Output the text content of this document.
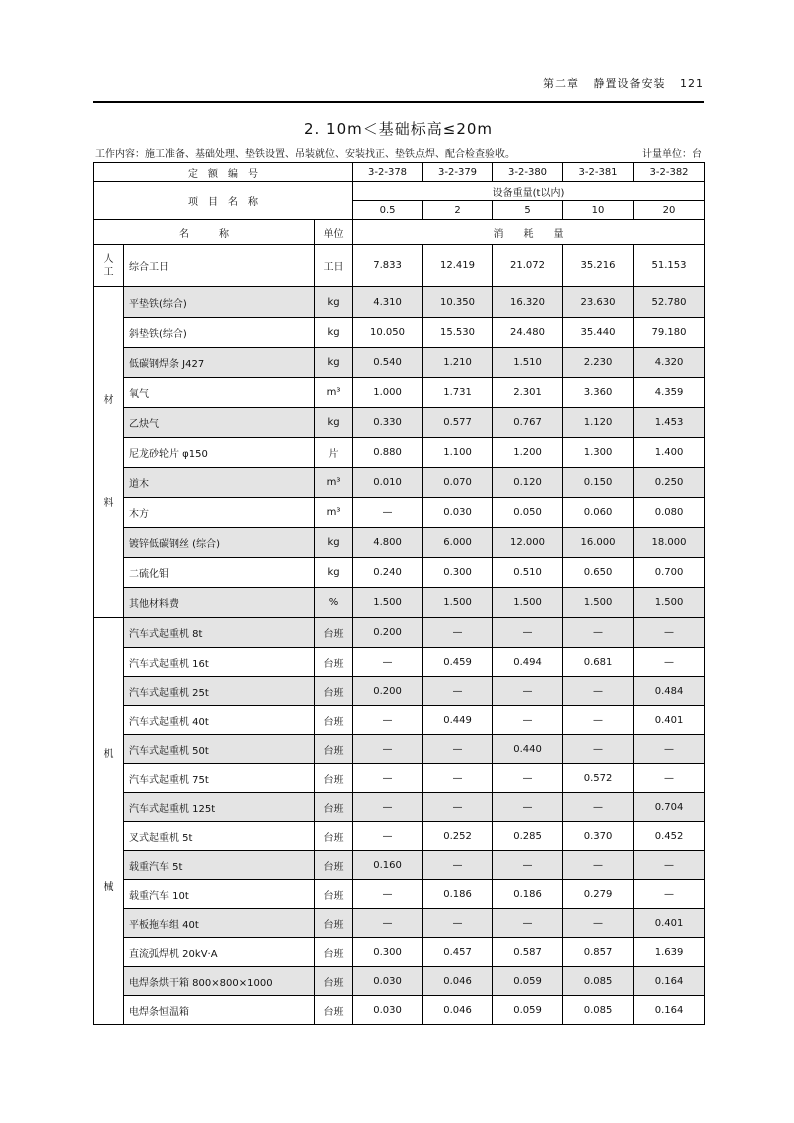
第二章 静置设备安装 121
2. 10m＜基础标高≤20m
工作内容：施工准备、基础处理、垫铁设置、吊装就位、安装找正、垫铁点焊、配合检查验收。	计量单位：台
定　额　编　号			3-2-378	3-2-379	3-2-380	3-2-381	3-2-382
项　目　名　称			设备重量(t以内)				
			0.5	2	5	10	20
名　　　称		单位	消　　耗　　量				

人工	综合工日	工日	7.833	12.419	21.072	35.216	51.153

材
料	平垫铁(综合)	kg	4.310	10.350	16.320	23.630	52.780
	斜垫铁(综合)	kg	10.050	15.530	24.480	35.440	79.180
	低碳钢焊条 J427	kg	0.540	1.210	1.510	2.230	4.320
	氧气	m³	1.000	1.731	2.301	3.360	4.359
	乙炔气	kg	0.330	0.577	0.767	1.120	1.453
	尼龙砂轮片 φ150	片	0.880	1.100	1.200	1.300	1.400
	道木	m³	0.010	0.070	0.120	0.150	0.250
	木方	m³	—	0.030	0.050	0.060	0.080
	镀锌低碳钢丝 (综合)	kg	4.800	6.000	12.000	16.000	18.000
	二硫化钼	kg	0.240	0.300	0.510	0.650	0.700
	其他材料费	%	1.500	1.500	1.500	1.500	1.500

机
械	汽车式起重机 8t	台班	0.200	—	—	—	—
	汽车式起重机 16t	台班	—	0.459	0.494	0.681	—
	汽车式起重机 25t	台班	0.200	—	—	—	0.484
	汽车式起重机 40t	台班	—	0.449	—	—	0.401
	汽车式起重机 50t	台班	—	—	0.440	—	—
	汽车式起重机 75t	台班	—	—	—	0.572	—
	汽车式起重机 125t	台班	—	—	—	—	0.704
	叉式起重机 5t	台班	—	0.252	0.285	0.370	0.452
	载重汽车 5t	台班	0.160	—	—	—	—
	载重汽车 10t	台班	—	0.186	0.186	0.279	—
	平板拖车组 40t	台班	—	—	—	—	0.401
	直流弧焊机 20kV·A	台班	0.300	0.457	0.587	0.857	1.639
	电焊条烘干箱 800×800×1000	台班	0.030	0.046	0.059	0.085	0.164
	电焊条恒温箱	台班	0.030	0.046	0.059	0.085	0.164
